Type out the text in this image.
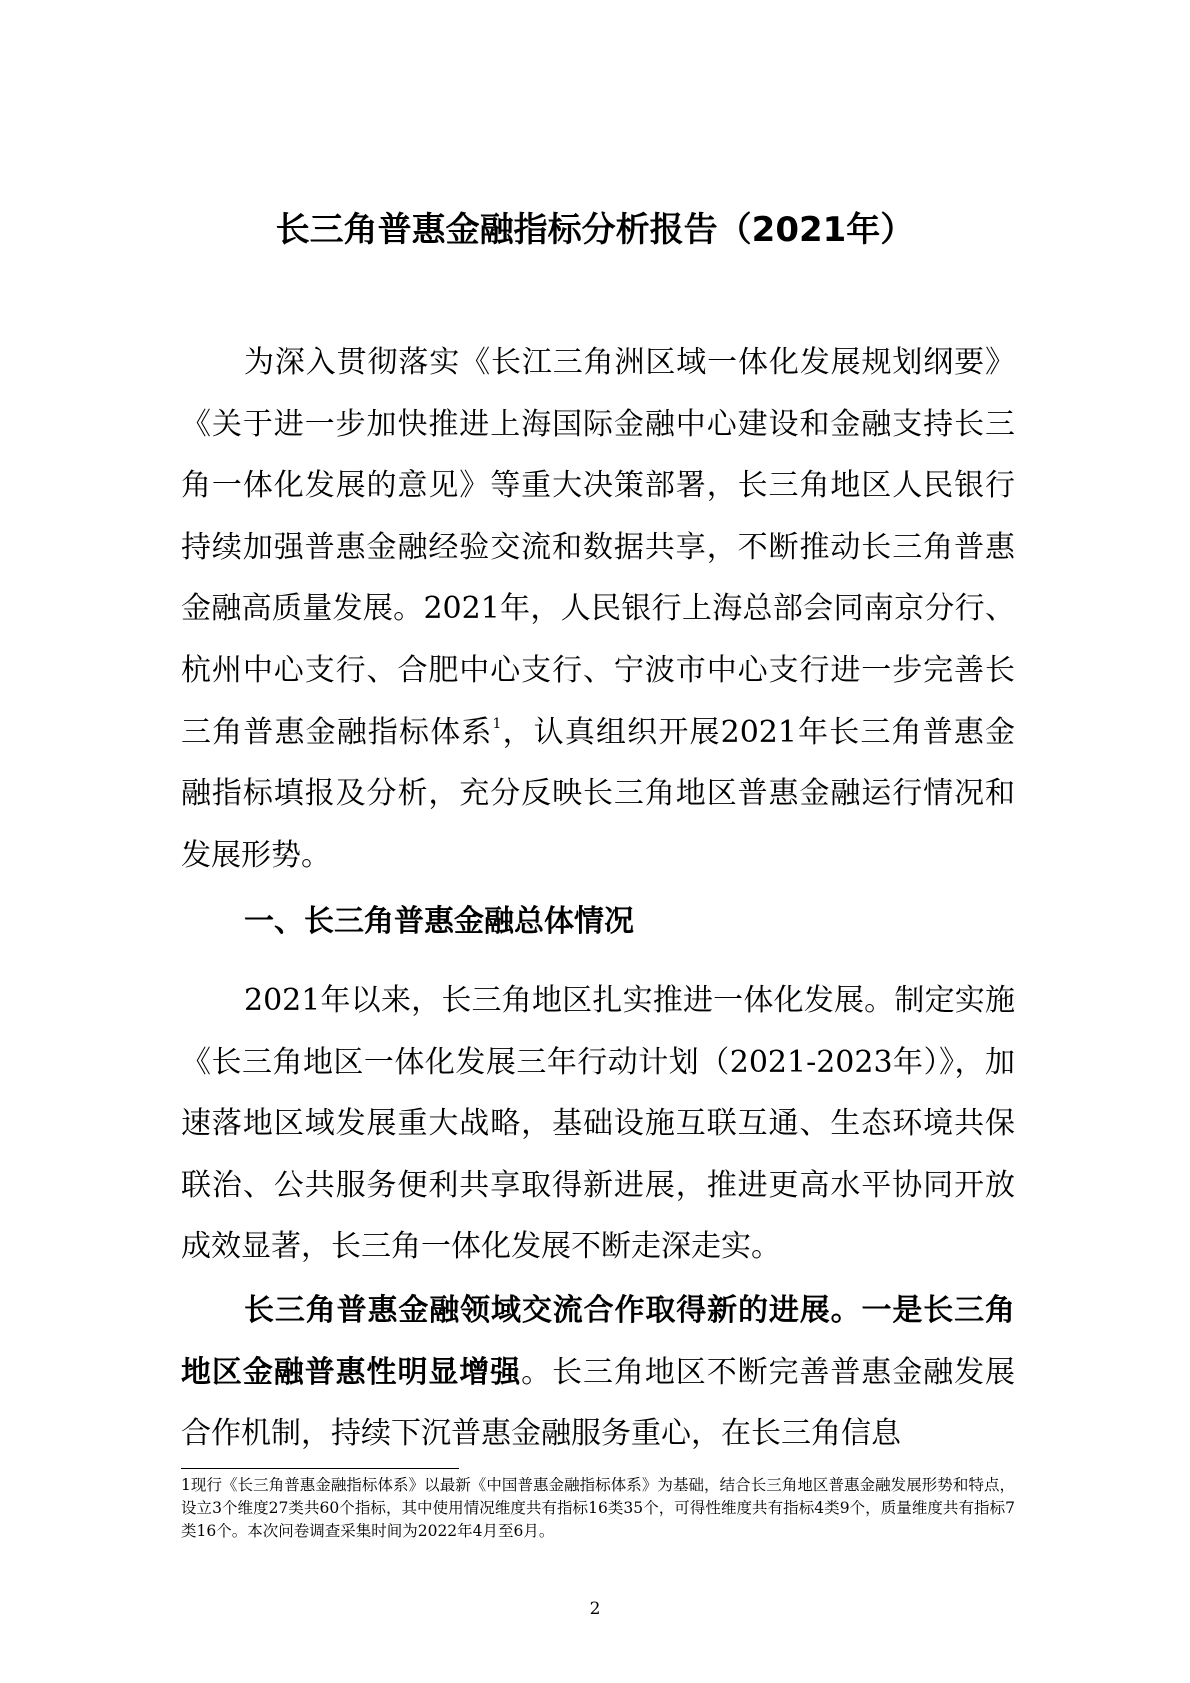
长三角普惠金融指标分析报告（2021年）

为深入贯彻落实《长江三角洲区域一体化发展规划纲要》《关于进一步加快推进上海国际金融中心建设和金融支持长三角一体化发展的意见》等重大决策部署，长三角地区人民银行持续加强普惠金融经验交流和数据共享，不断推动长三角普惠金融高质量发展。2021年，人民银行上海总部会同南京分行、杭州中心支行、合肥中心支行、宁波市中心支行进一步完善长三角普惠金融指标体系$^1$，认真组织开展2021年长三角普惠金融指标填报及分析，充分反映长三角地区普惠金融运行情况和发展形势。

一、长三角普惠金融总体情况

2021年以来，长三角地区扎实推进一体化发展。制定实施《长三角地区一体化发展三年行动计划（2021-2023年）》，加速落地区域发展重大战略，基础设施互联互通、生态环境共保联治、公共服务便利共享取得新进展，推进更高水平协同开放成效显著，长三角一体化发展不断走深走实。

长三角普惠金融领域交流合作取得新的进展。一是长三角地区金融普惠性明显增强。长三角地区不断完善普惠金融发展合作机制，持续下沉普惠金融服务重心，在长三角信息

1现行《长三角普惠金融指标体系》以最新《中国普惠金融指标体系》为基础，结合长三角地区普惠金融发展形势和特点，设立3个维度27类共60个指标，其中使用情况维度共有指标16类35个，可得性维度共有指标4类9个，质量维度共有指标7类16个。本次问卷调查采集时间为2022年4月至6月。

2
